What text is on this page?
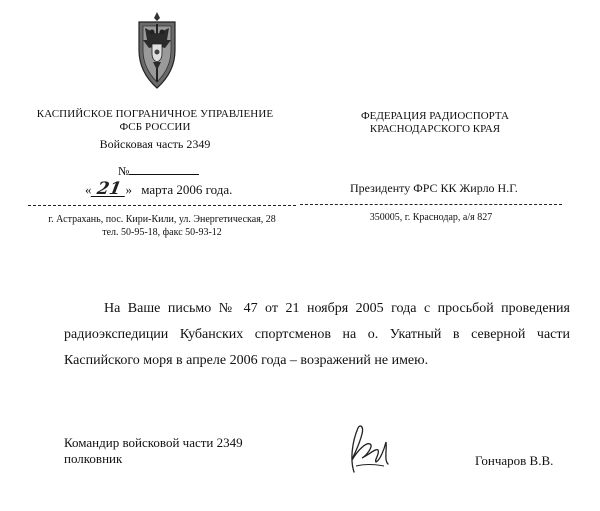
КАСПИЙСКОЕ ПОГРАНИЧНОЕ УПРАВЛЕНИЕ
ФСБ РОССИИ
Войсковая часть 2349
№
« 21 » марта 2006 года.
г. Астрахань, пос. Кири-Кили, ул. Энергетическая, 28
тел. 50-95-18, факс 50-93-12
ФЕДЕРАЦИЯ РАДИОСПОРТА
КРАСНОДАРСКОГО КРАЯ
Президенту ФРС КК Жирло Н.Г.
350005, г. Краснодар, а/я 827

На Ваше письмо № 47 от 21 ноября 2005 года с просьбой проведения радиоэкспедиции Кубанских спортсменов на о. Укатный в северной части Каспийского моря в апреле 2006 года – возражений не имею.

Командир войсковой части 2349
полковник	Гончаров В.В.
